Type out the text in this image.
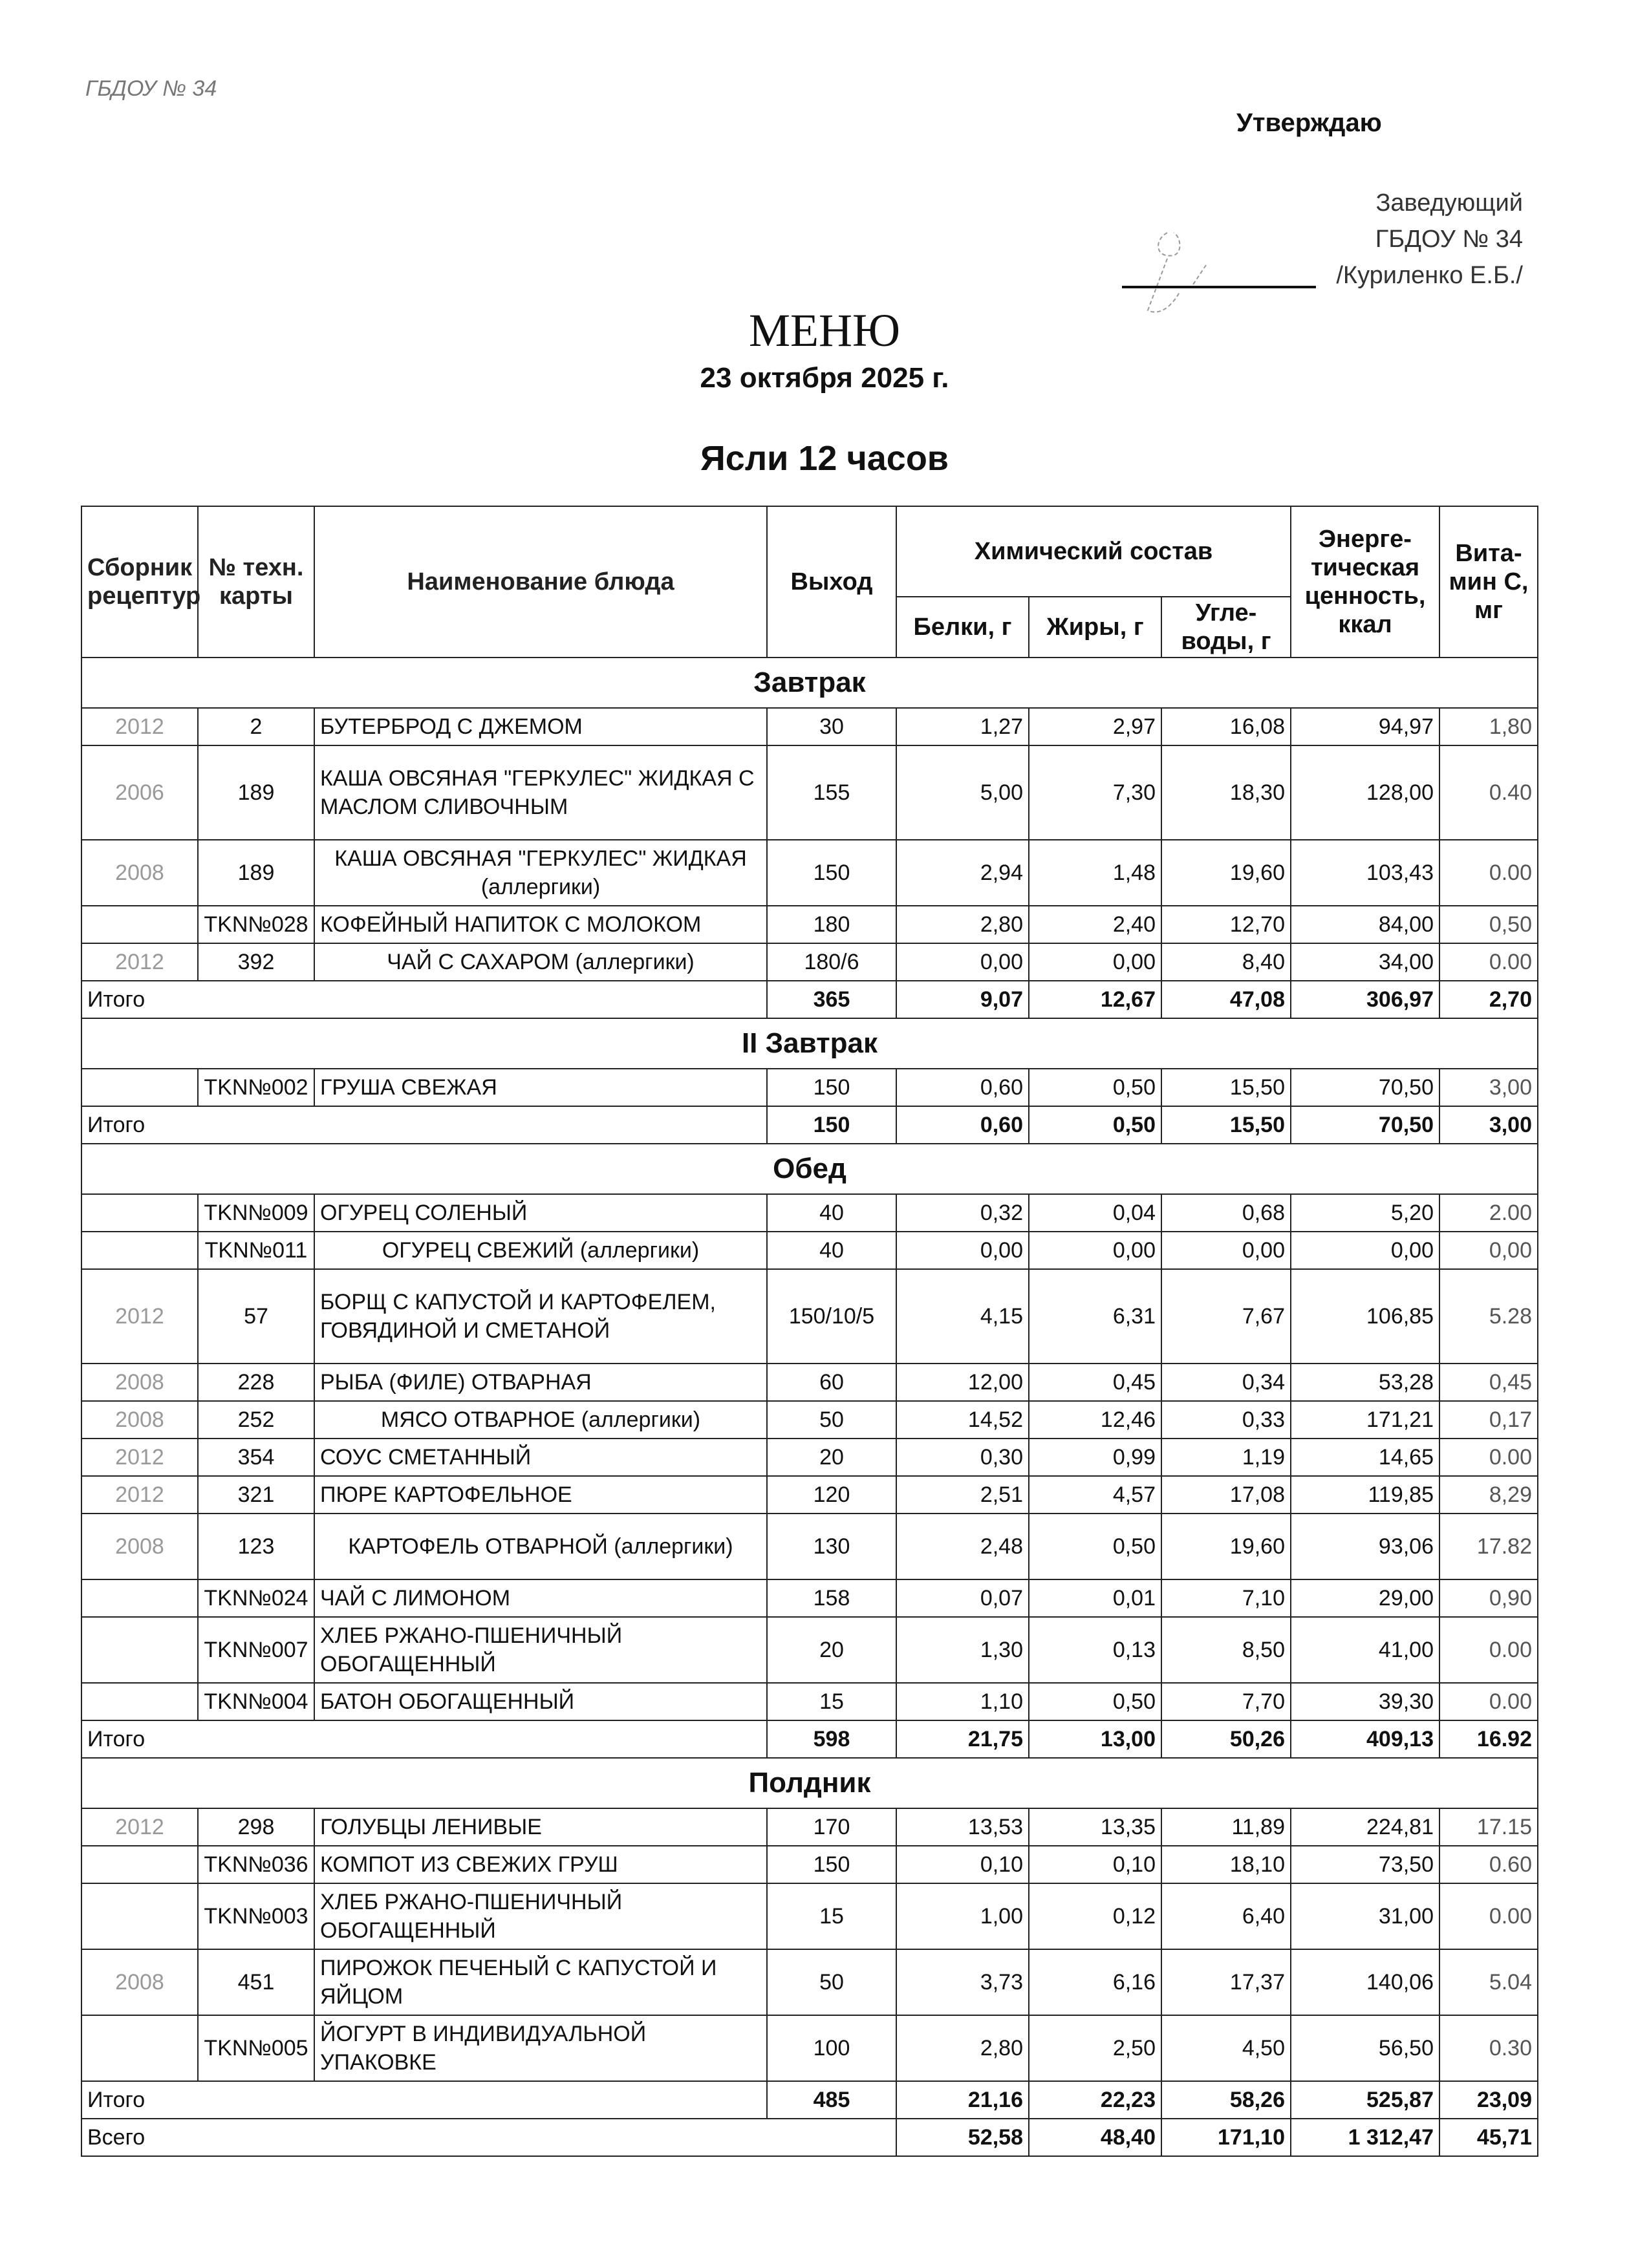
ГБДОУ № 34
Утверждаю
Заведующий
ГБДОУ № 34
/Куриленко Е.Б./
МЕНЮ
23 октября 2025 г.
Ясли 12 часов
Сборник рецептур	№ техн. карты	Наименование блюда	Выход	Химический состав			Энерге-тическая ценность, ккал	Вита-мин С, мг
				Белки, г	Жиры, г	Угле-воды, г		
Завтрак								
2012	2	БУТЕРБРОД С ДЖЕМОМ	30	1,27	2,97	16,08	94,97	1,80
2006	189	КАША ОВСЯНАЯ "ГЕРКУЛЕС" ЖИДКАЯ С МАСЛОМ СЛИВОЧНЫМ	155	5,00	7,30	18,30	128,00	0.40
2008	189	КАША ОВСЯНАЯ "ГЕРКУЛЕС" ЖИДКАЯ (аллергики)	150	2,94	1,48	19,60	103,43	0.00
	TKN№028	КОФЕЙНЫЙ НАПИТОК С МОЛОКОМ	180	2,80	2,40	12,70	84,00	0,50
2012	392	ЧАЙ С САХАРОМ (аллергики)	180/6	0,00	0,00	8,40	34,00	0.00
Итого			365	9,07	12,67	47,08	306,97	2,70
II Завтрак								
	TKN№002	ГРУША СВЕЖАЯ	150	0,60	0,50	15,50	70,50	3,00
Итого			150	0,60	0,50	15,50	70,50	3,00
Обед								
	TKN№009	ОГУРЕЦ СОЛЕНЫЙ	40	0,32	0,04	0,68	5,20	2.00
	TKN№011	ОГУРЕЦ СВЕЖИЙ (аллергики)	40	0,00	0,00	0,00	0,00	0,00
2012	57	БОРЩ С КАПУСТОЙ И КАРТОФЕЛЕМ, ГОВЯДИНОЙ И СМЕТАНОЙ	150/10/5	4,15	6,31	7,67	106,85	5.28
2008	228	РЫБА (ФИЛЕ) ОТВАРНАЯ	60	12,00	0,45	0,34	53,28	0,45
2008	252	МЯСО ОТВАРНОЕ (аллергики)	50	14,52	12,46	0,33	171,21	0,17
2012	354	СОУС СМЕТАННЫЙ	20	0,30	0,99	1,19	14,65	0.00
2012	321	ПЮРЕ КАРТОФЕЛЬНОЕ	120	2,51	4,57	17,08	119,85	8,29
2008	123	КАРТОФЕЛЬ ОТВАРНОЙ (аллергики)	130	2,48	0,50	19,60	93,06	17.82
	TKN№024	ЧАЙ С ЛИМОНОМ	158	0,07	0,01	7,10	29,00	0,90
	TKN№007	ХЛЕБ РЖАНО-ПШЕНИЧНЫЙ ОБОГАЩЕННЫЙ	20	1,30	0,13	8,50	41,00	0.00
	TKN№004	БАТОН ОБОГАЩЕННЫЙ	15	1,10	0,50	7,70	39,30	0.00
Итого			598	21,75	13,00	50,26	409,13	16.92
Полдник								
2012	298	ГОЛУБЦЫ ЛЕНИВЫЕ	170	13,53	13,35	11,89	224,81	17.15
	TKN№036	КОМПОТ ИЗ СВЕЖИХ ГРУШ	150	0,10	0,10	18,10	73,50	0.60
	TKN№003	ХЛЕБ РЖАНО-ПШЕНИЧНЫЙ ОБОГАЩЕННЫЙ	15	1,00	0,12	6,40	31,00	0.00
2008	451	ПИРОЖОК ПЕЧЕНЫЙ С КАПУСТОЙ И ЯЙЦОМ	50	3,73	6,16	17,37	140,06	5.04
	TKN№005	ЙОГУРТ В ИНДИВИДУАЛЬНОЙ УПАКОВКЕ	100	2,80	2,50	4,50	56,50	0.30
Итого			485	21,16	22,23	58,26	525,87	23,09
Всего				52,58	48,40	171,10	1 312,47	45,71
